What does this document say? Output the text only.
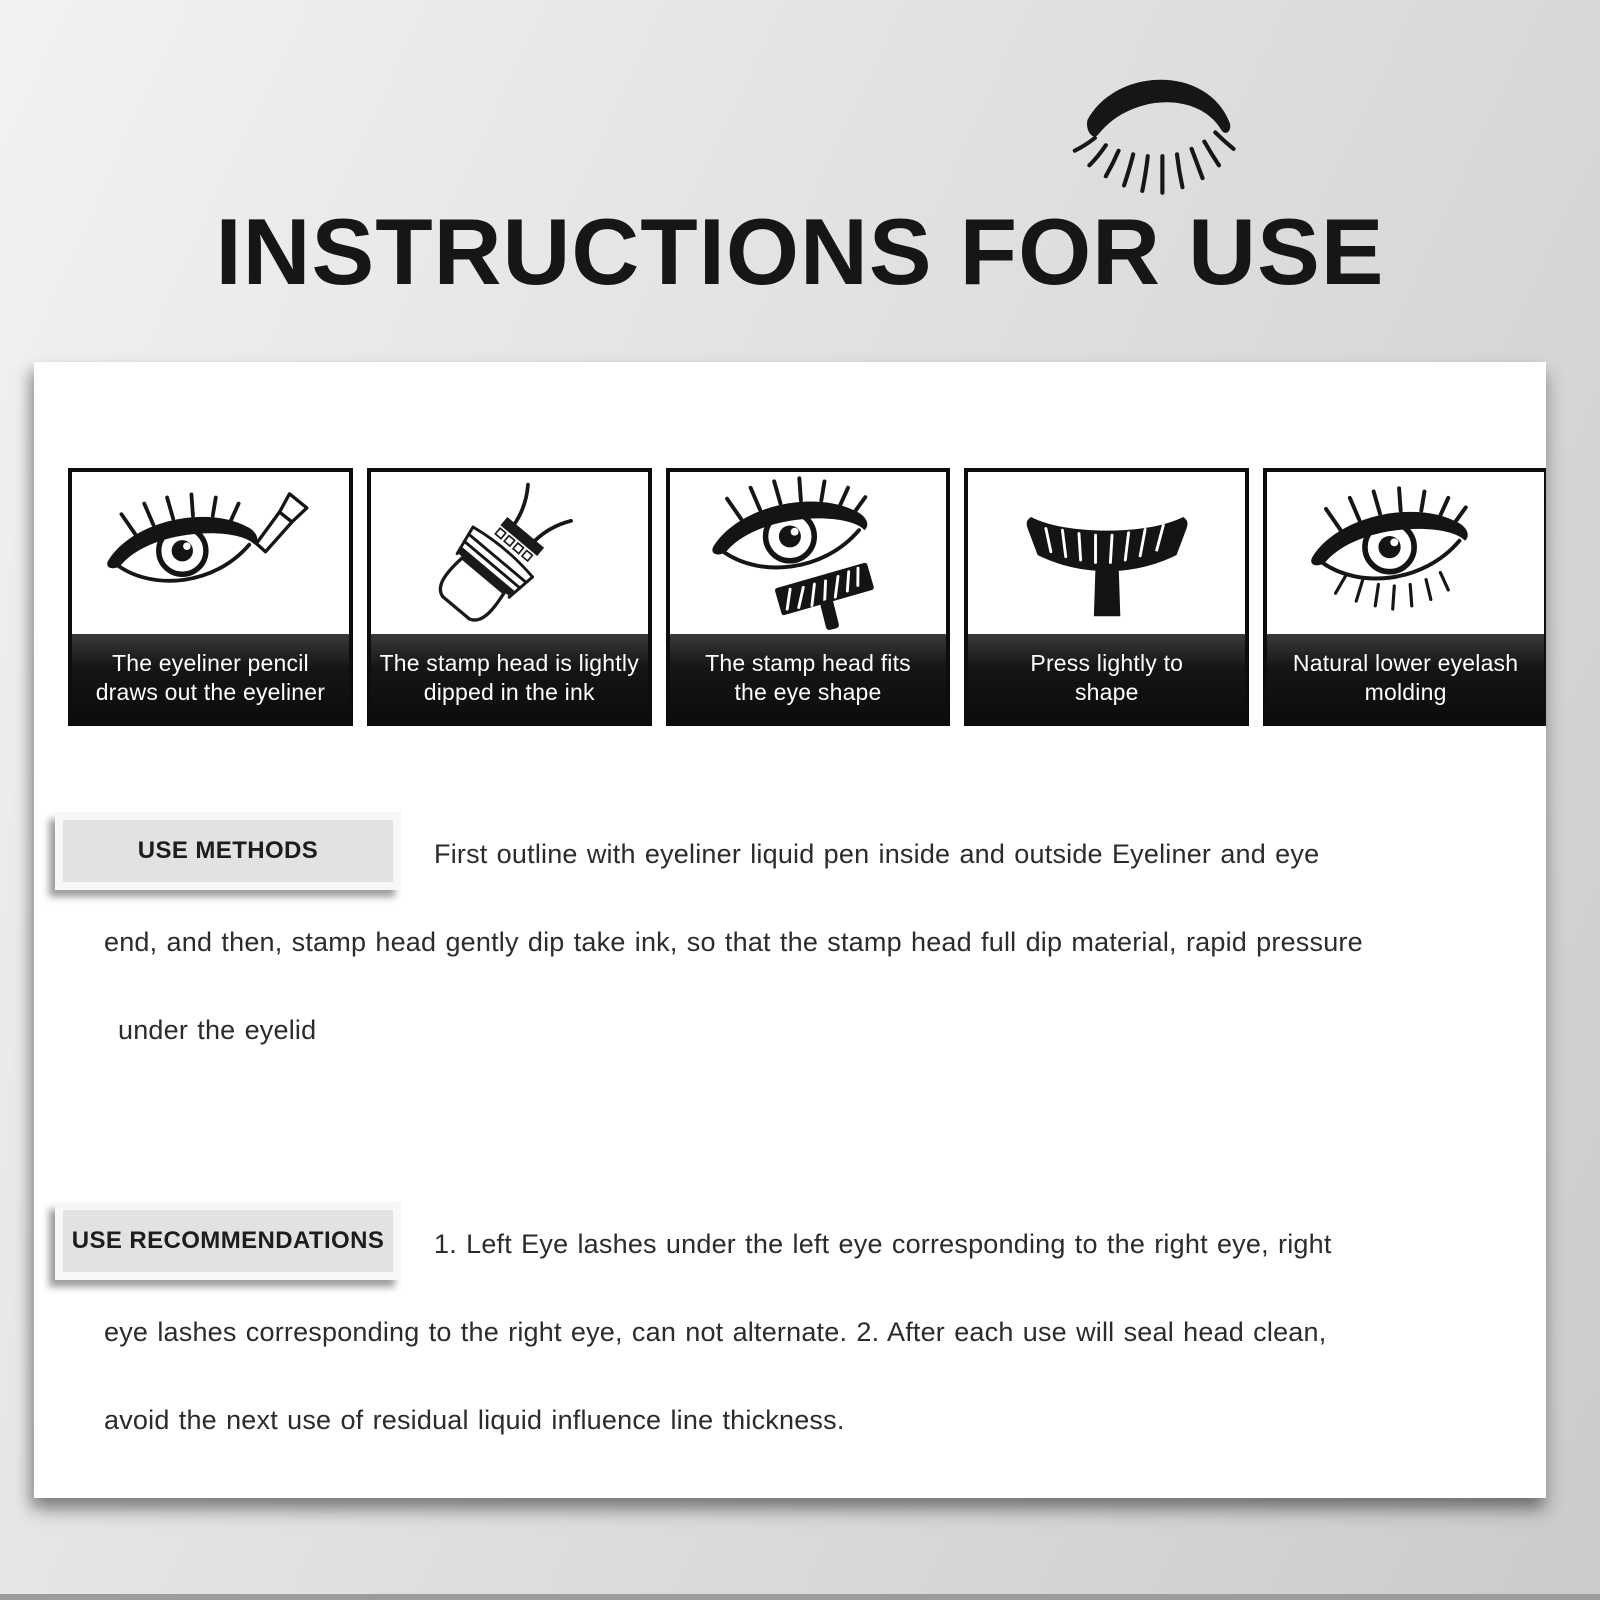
INSTRUCTIONS FOR USE
The eyeliner pencil
draws out the eyeliner
The stamp head is lightly
dipped in the ink
The stamp head fits
the eye shape
Press lightly to
shape
Natural lower eyelash
molding
USE METHODS	First outline with eyeliner liquid pen inside and outside Eyeliner and eye
end, and then, stamp head gently dip take ink, so that the stamp head full dip material, rapid pressure
under the eyelid
USE RECOMMENDATIONS	1. Left Eye lashes under the left eye corresponding to the right eye, right
eye lashes corresponding to the right eye, can not alternate. 2. After each use will seal head clean,
avoid the next use of residual liquid influence line thickness.
